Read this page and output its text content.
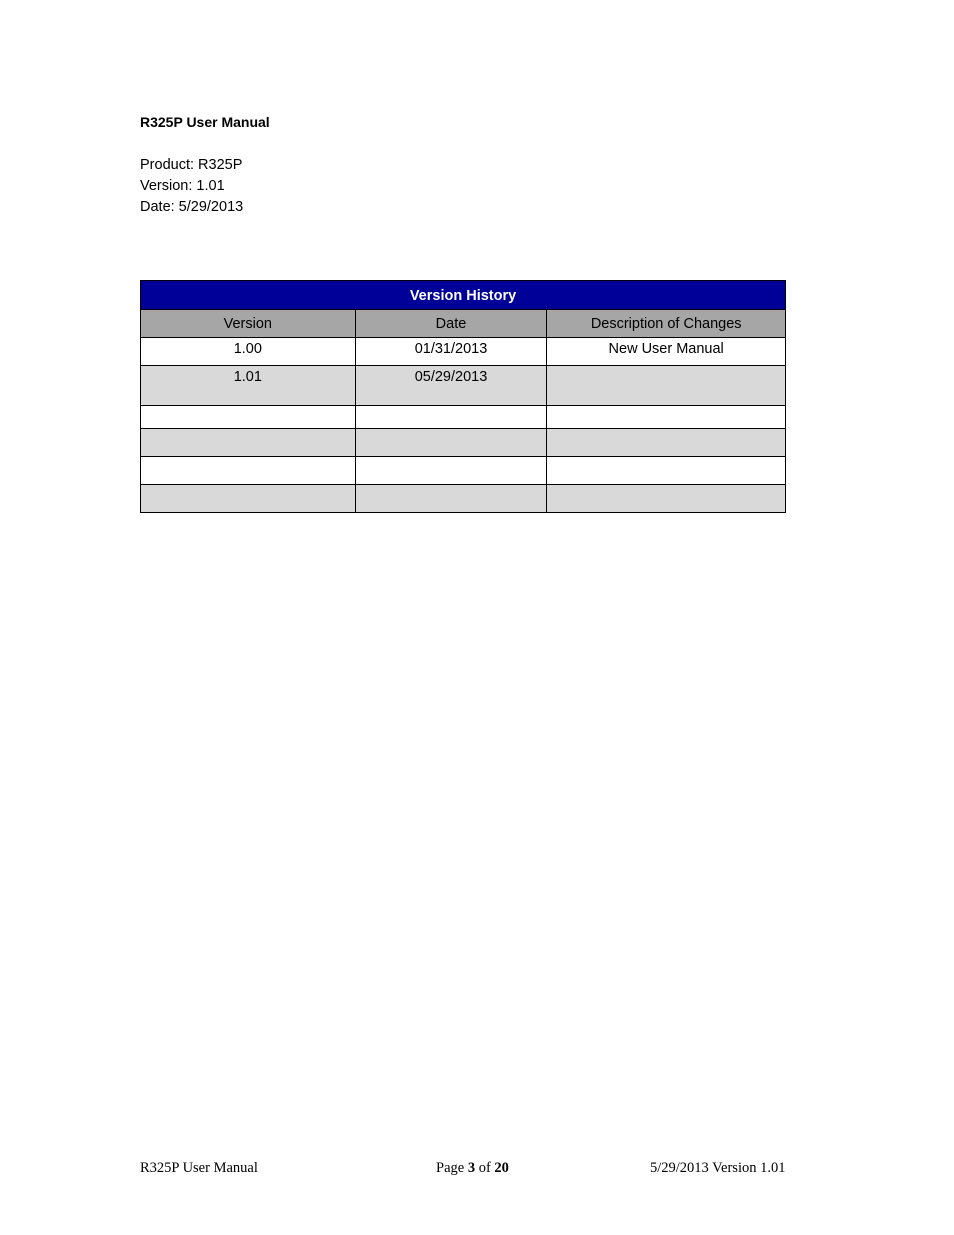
R325P User Manual
Product: R325P
Version: 1.01
Date: 5/29/2013
Version History		
Version	Date	Description of Changes
1.00	01/31/2013	New User Manual
1.01	05/29/2013	

R325P User Manual	Page 3 of 20	5/29/2013 Version 1.01
